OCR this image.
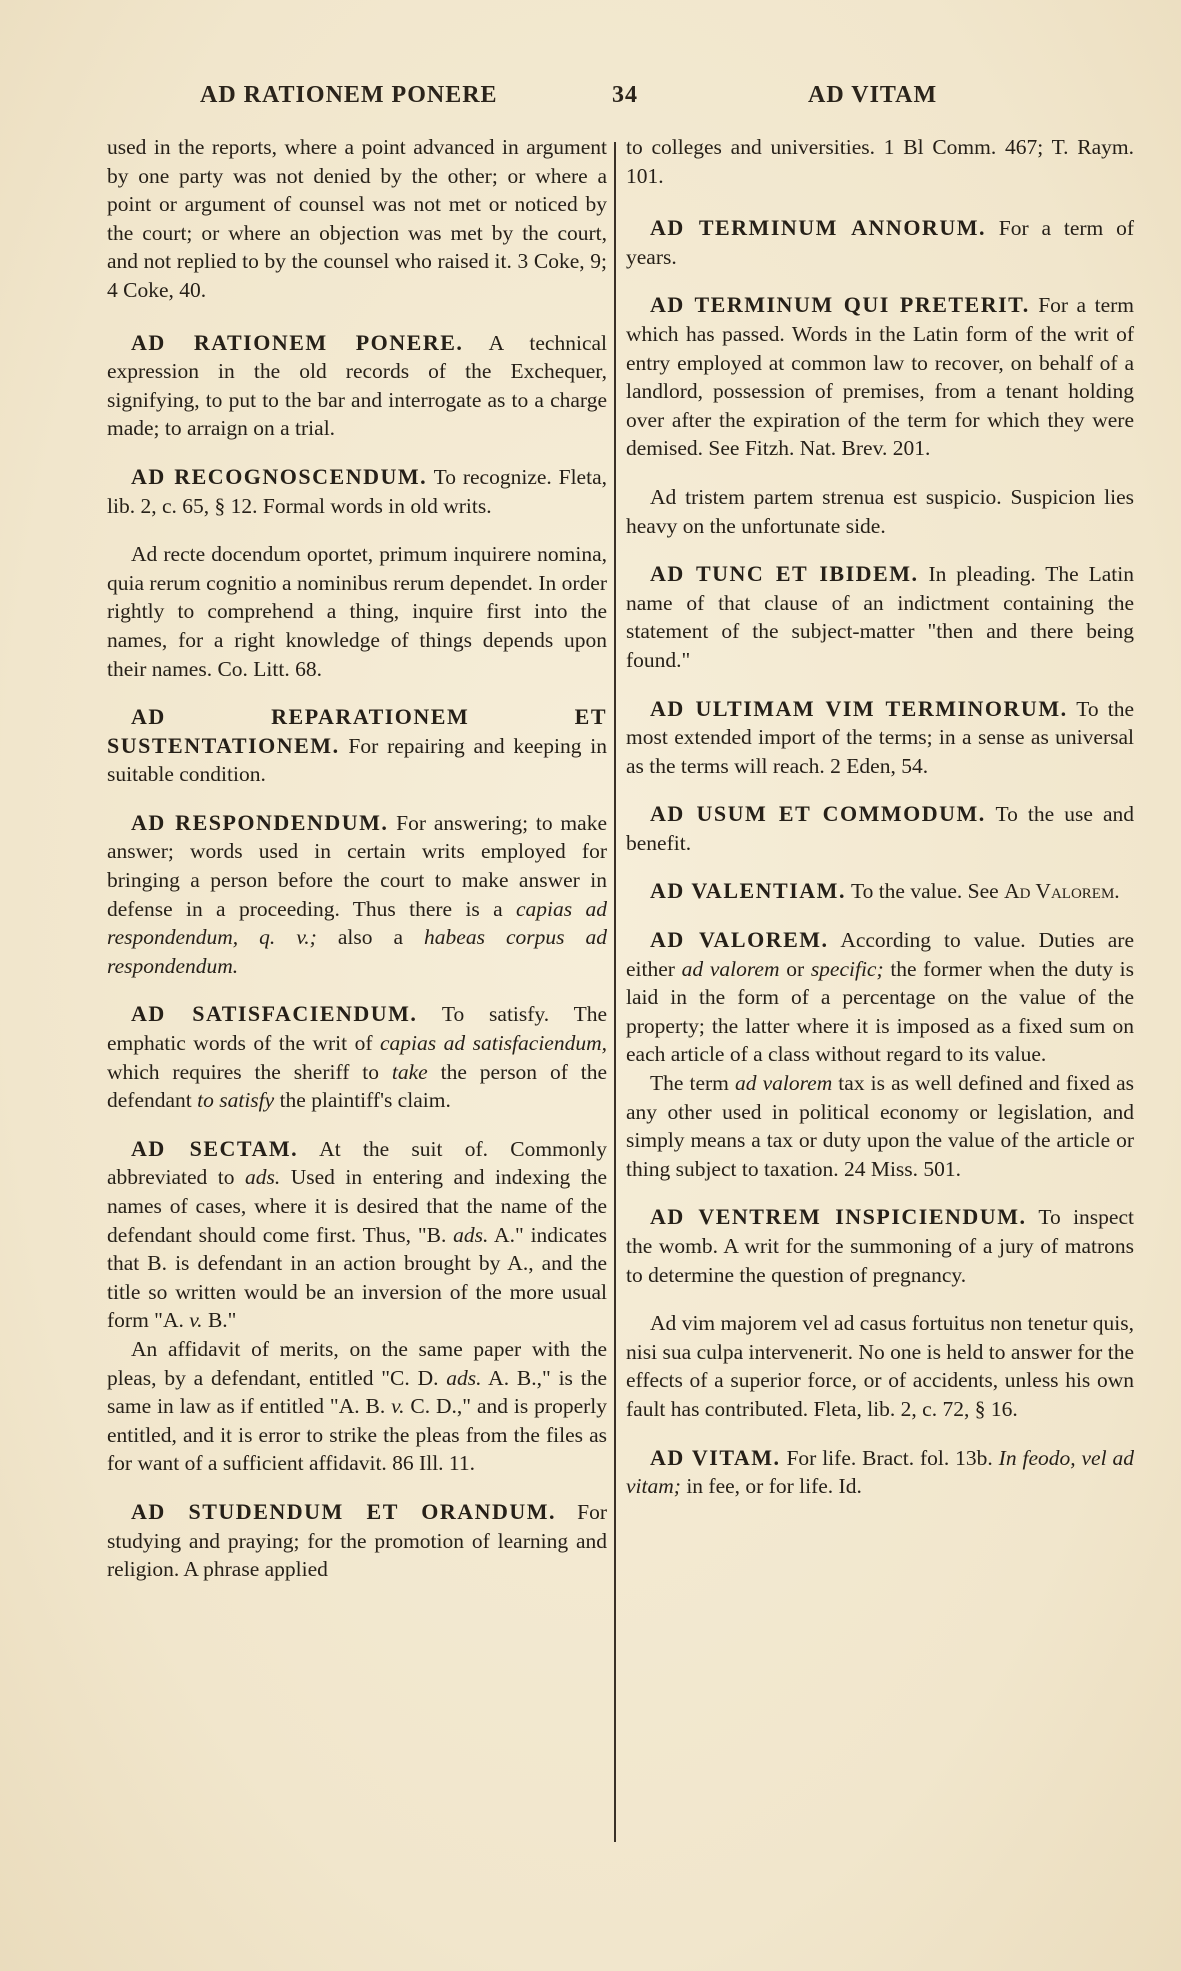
AD RATIONEM PONERE	34	AD VITAM

used in the reports, where a point advanced in argument by one party was not denied by the other; or where a point or argument of counsel was not met or noticed by the court; or where an objection was met by the court, and not replied to by the counsel who raised it. 3 Coke, 9; 4 Coke, 40.

AD RATIONEM PONERE. A technical expression in the old records of the Exchequer, signifying, to put to the bar and interrogate as to a charge made; to arraign on a trial.

AD RECOGNOSCENDUM. To recognize. Fleta, lib. 2, c. 65, § 12. Formal words in old writs.

Ad recte docendum oportet, primum inquirere nomina, quia rerum cognitio a nominibus rerum dependet. In order rightly to comprehend a thing, inquire first into the names, for a right knowledge of things depends upon their names. Co. Litt. 68.

AD REPARATIONEM ET SUSTENTATIONEM. For repairing and keeping in suitable condition.

AD RESPONDENDUM. For answering; to make answer; words used in certain writs employed for bringing a person before the court to make answer in defense in a proceeding. Thus there is a capias ad respondendum, q. v.; also a habeas corpus ad respondendum.

AD SATISFACIENDUM. To satisfy. The emphatic words of the writ of capias ad satisfaciendum, which requires the sheriff to take the person of the defendant to satisfy the plaintiff's claim.

AD SECTAM. At the suit of. Commonly abbreviated to ads. Used in entering and indexing the names of cases, where it is desired that the name of the defendant should come first. Thus, "B. ads. A." indicates that B. is defendant in an action brought by A., and the title so written would be an inversion of the more usual form "A. v. B."

An affidavit of merits, on the same paper with the pleas, by a defendant, entitled "C. D. ads. A. B.," is the same in law as if entitled "A. B. v. C. D.," and is properly entitled, and it is error to strike the pleas from the files as for want of a sufficient affidavit. 86 Ill. 11.

AD STUDENDUM ET ORANDUM. For studying and praying; for the promotion of learning and religion. A phrase applied

to colleges and universities. 1 Bl Comm. 467; T. Raym. 101.

AD TERMINUM ANNORUM. For a term of years.

AD TERMINUM QUI PRETERIT. For a term which has passed. Words in the Latin form of the writ of entry employed at common law to recover, on behalf of a landlord, possession of premises, from a tenant holding over after the expiration of the term for which they were demised. See Fitzh. Nat. Brev. 201.

Ad tristem partem strenua est suspicio. Suspicion lies heavy on the unfortunate side.

AD TUNC ET IBIDEM. In pleading. The Latin name of that clause of an indictment containing the statement of the subject-matter "then and there being found."

AD ULTIMAM VIM TERMINORUM. To the most extended import of the terms; in a sense as universal as the terms will reach. 2 Eden, 54.

AD USUM ET COMMODUM. To the use and benefit.

AD VALENTIAM. To the value. See Ad Valorem.

AD VALOREM. According to value. Duties are either ad valorem or specific; the former when the duty is laid in the form of a percentage on the value of the property; the latter where it is imposed as a fixed sum on each article of a class without regard to its value.

The term ad valorem tax is as well defined and fixed as any other used in political economy or legislation, and simply means a tax or duty upon the value of the article or thing subject to taxation. 24 Miss. 501.

AD VENTREM INSPICIENDUM. To inspect the womb. A writ for the summoning of a jury of matrons to determine the question of pregnancy.

Ad vim majorem vel ad casus fortuitus non tenetur quis, nisi sua culpa intervenerit. No one is held to answer for the effects of a superior force, or of accidents, unless his own fault has contributed. Fleta, lib. 2, c. 72, § 16.

AD VITAM. For life. Bract. fol. 13b. In feodo, vel ad vitam; in fee, or for life. Id.
